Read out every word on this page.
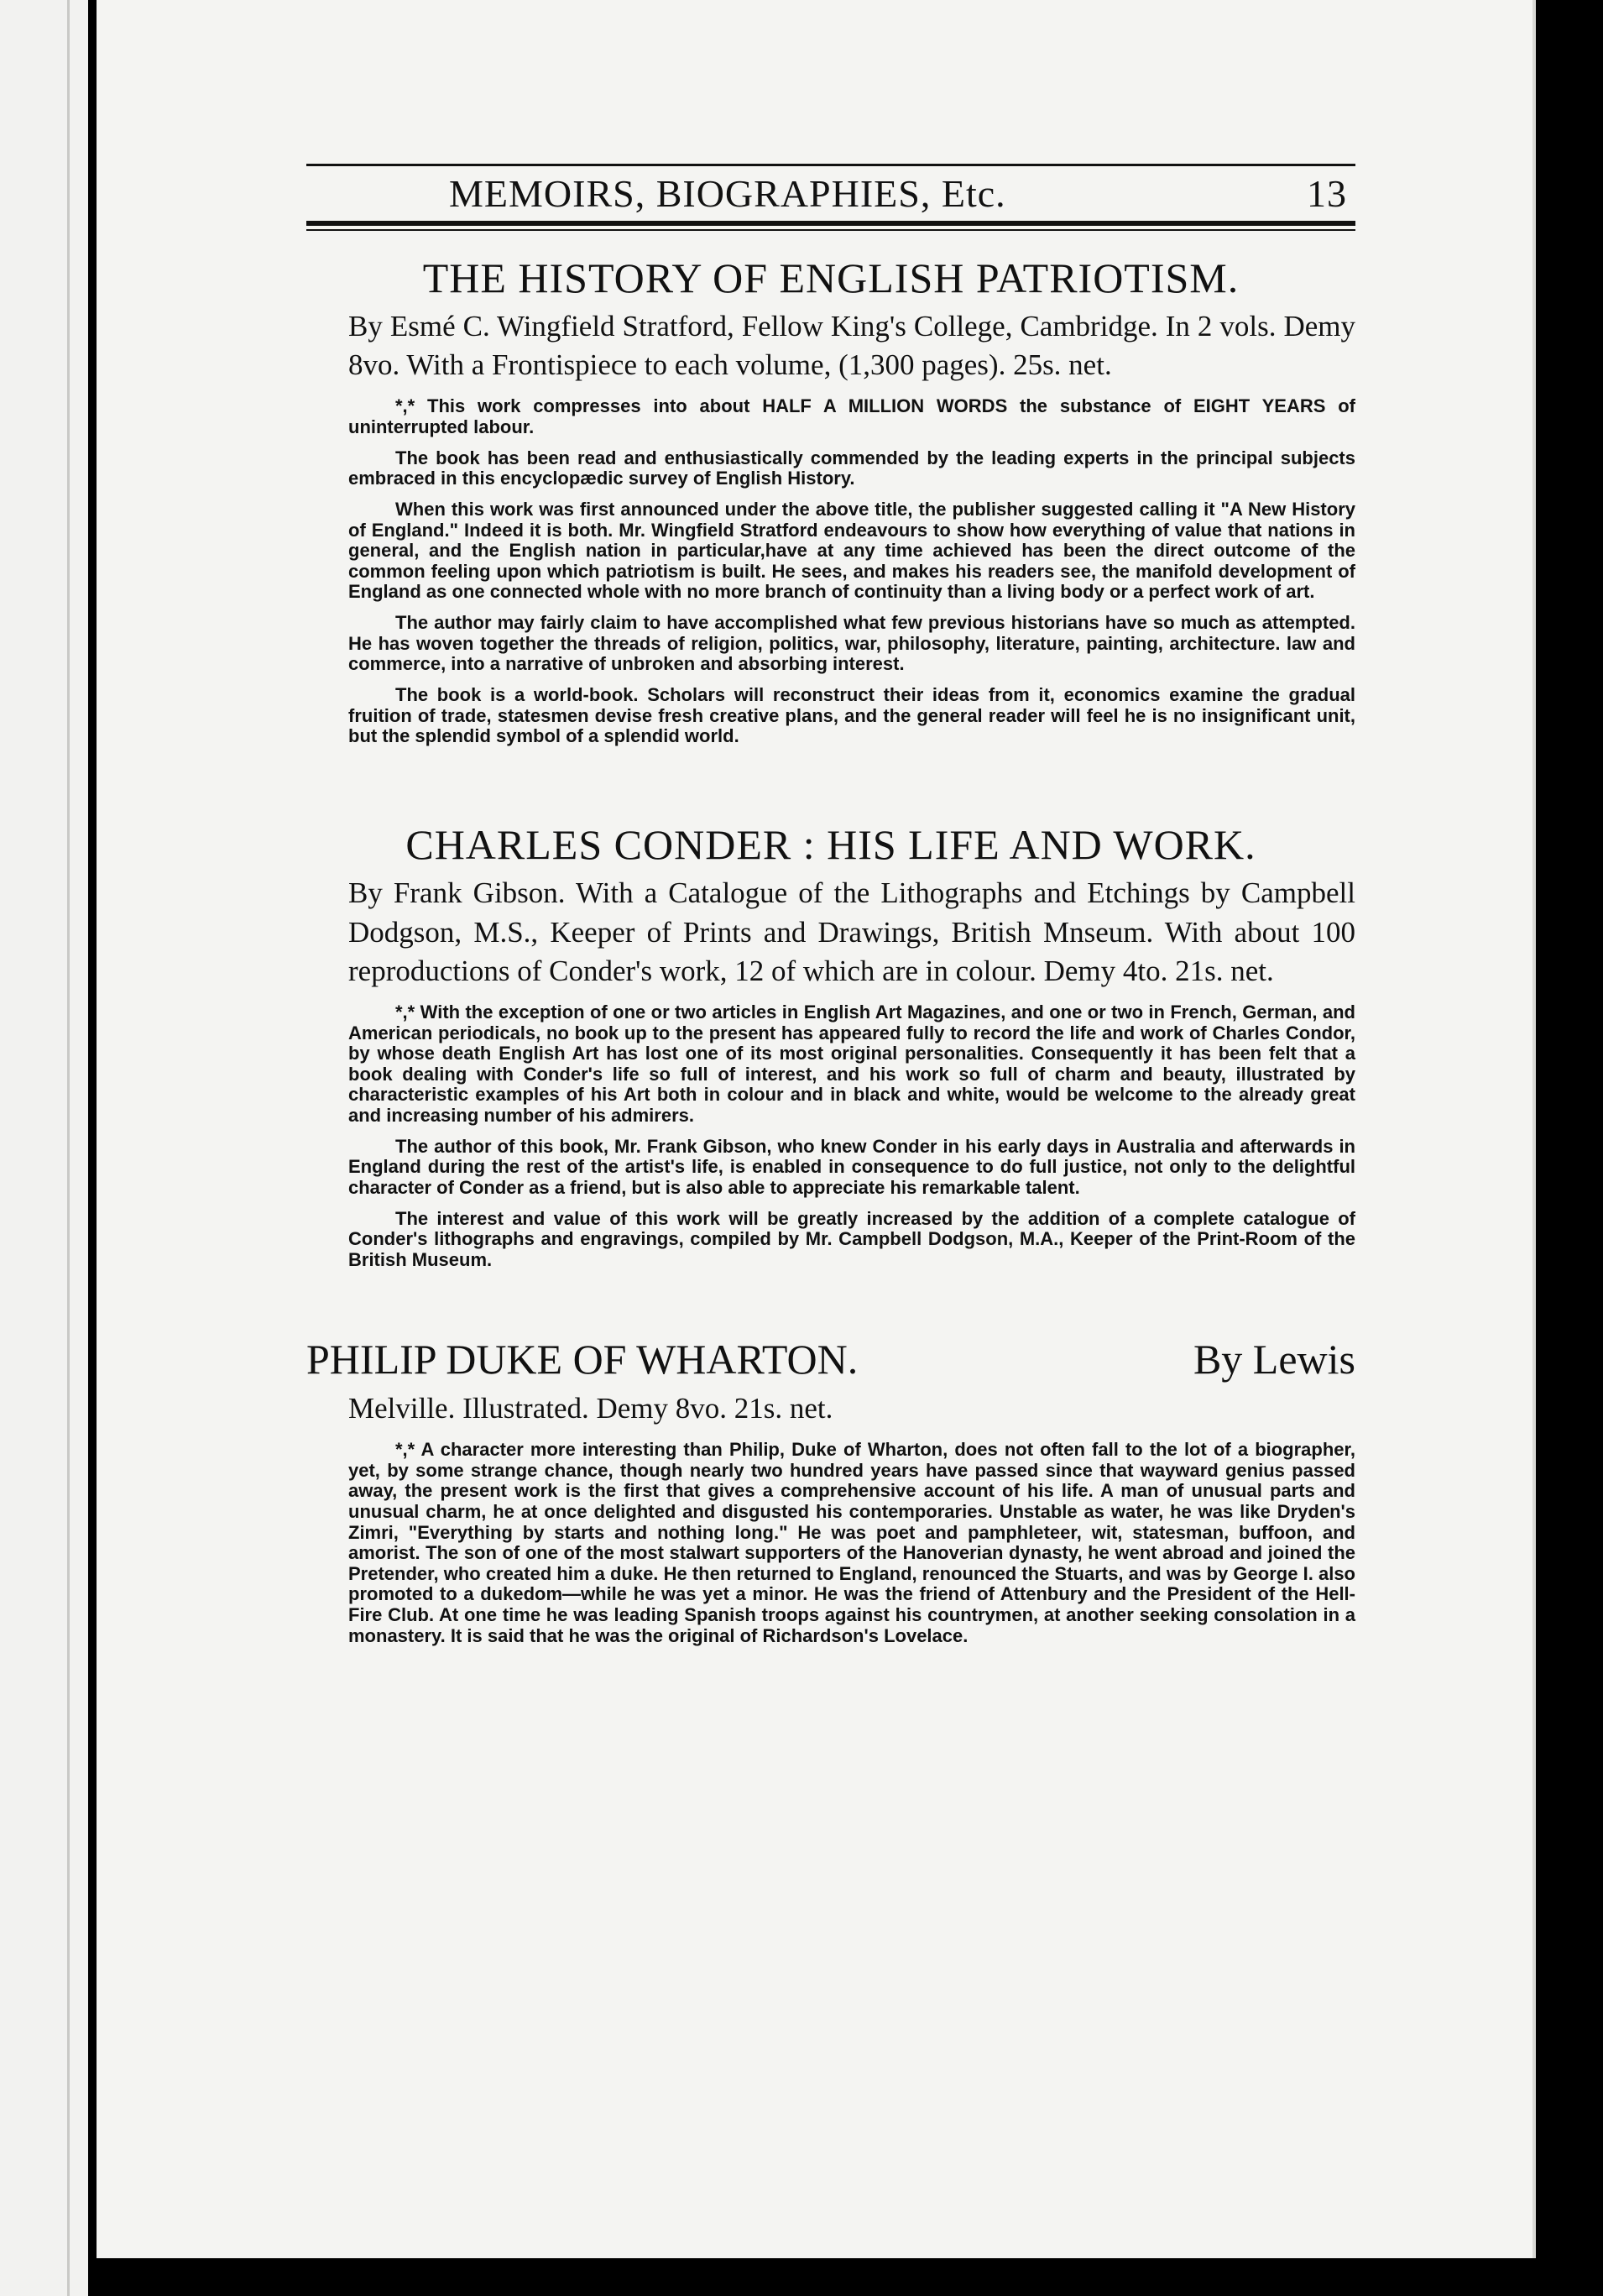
MEMOIRS, BIOGRAPHIES, Etc.	13
THE HISTORY OF ENGLISH PATRIOTISM.
By Esmé C. Wingfield Stratford, Fellow King's College, Cambridge. In 2 vols. Demy 8vo. With a Frontispiece to each volume, (1,300 pages). 25s. net.

*,* This work compresses into about HALF A MILLION WORDS the substance of EIGHT YEARS of uninterrupted labour.

The book has been read and enthusiastically commended by the leading experts in the principal subjects embraced in this encyclopædic survey of English History.

When this work was first announced under the above title, the publisher suggested calling it "A New History of England." Indeed it is both. Mr. Wingfield Stratford endeavours to show how everything of value that nations in general, and the English nation in particular,have at any time achieved has been the direct outcome of the common feeling upon which patriotism is built. He sees, and makes his readers see, the manifold development of England as one connected whole with no more branch of continuity than a living body or a perfect work of art.

The author may fairly claim to have accomplished what few previous historians have so much as attempted. He has woven together the threads of religion, politics, war, philosophy, literature, painting, architecture. law and commerce, into a narrative of unbroken and absorbing interest.

The book is a world-book. Scholars will reconstruct their ideas from it, economics examine the gradual fruition of trade, statesmen devise fresh creative plans, and the general reader will feel he is no insignificant unit, but the splendid symbol of a splendid world.

CHARLES CONDER : HIS LIFE AND WORK.
By Frank Gibson. With a Catalogue of the Lithographs and Etchings by Campbell Dodgson, M.S., Keeper of Prints and Drawings, British Mnseum. With about 100 reproductions of Conder's work, 12 of which are in colour. Demy 4to. 21s. net.

*,* With the exception of one or two articles in English Art Magazines, and one or two in French, German, and American periodicals, no book up to the present has appeared fully to record the life and work of Charles Condor, by whose death English Art has lost one of its most original personalities. Consequently it has been felt that a book dealing with Conder's life so full of interest, and his work so full of charm and beauty, illustrated by characteristic examples of his Art both in colour and in black and white, would be welcome to the already great and increasing number of his admirers.

The author of this book, Mr. Frank Gibson, who knew Conder in his early days in Australia and afterwards in England during the rest of the artist's life, is enabled in consequence to do full justice, not only to the delightful character of Conder as a friend, but is also able to appreciate his remarkable talent.

The interest and value of this work will be greatly increased by the addition of a complete catalogue of Conder's lithographs and engravings, compiled by Mr. Campbell Dodgson, M.A., Keeper of the Print-Room of the British Museum.

PHILIP DUKE OF WHARTON.	By Lewis
Melville. Illustrated. Demy 8vo. 21s. net.

*,* A character more interesting than Philip, Duke of Wharton, does not often fall to the lot of a biographer, yet, by some strange chance, though nearly two hundred years have passed since that wayward genius passed away, the present work is the first that gives a comprehensive account of his life. A man of unusual parts and unusual charm, he at once delighted and disgusted his contemporaries. Unstable as water, he was like Dryden's Zimri, "Everything by starts and nothing long." He was poet and pamphleteer, wit, statesman, buffoon, and amorist. The son of one of the most stalwart supporters of the Hanoverian dynasty, he went abroad and joined the Pretender, who created him a duke. He then returned to England, renounced the Stuarts, and was by George I. also promoted to a dukedom—while he was yet a minor. He was the friend of Attenbury and the President of the Hell-Fire Club. At one time he was leading Spanish troops against his countrymen, at another seeking consolation in a monastery. It is said that he was the original of Richardson's Lovelace.
